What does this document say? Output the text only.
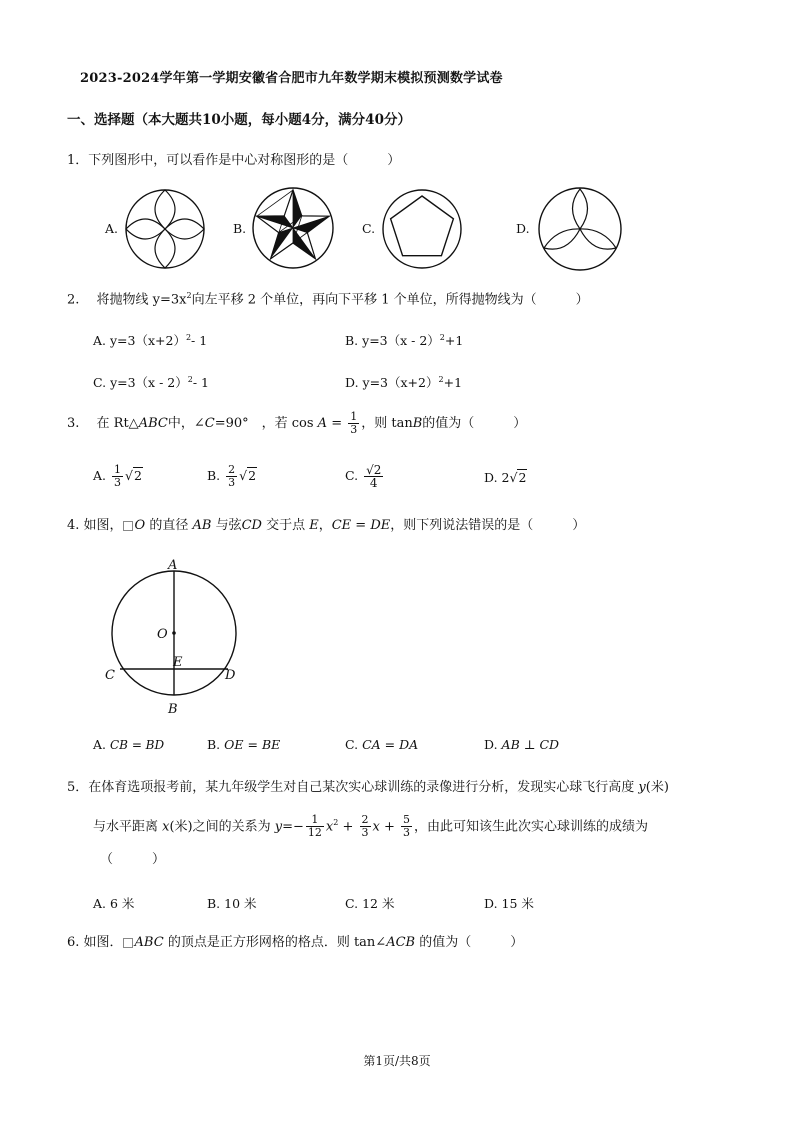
2023-2024学年第一学期安徽省合肥市九年数学期末模拟预测数学试卷
一、选择题（本大题共10小题，每小题4分，满分40分）
1．下列图形中，可以看作是中心对称图形的是（　　　）
A.	B.	C.	D.
2.　 将抛物线 $y=3x^2$向左平移 2 个单位，再向下平移 1 个单位，所得抛物线为（　　　）
A. $y=3(x+2)^2-$ 1	B. y=3（x - 2）$^2$+1
C. y=3（x - 2）$^2$- 1	D. $y=3(x+2)^2+1$
3.　 在 Rt△ABC中，∠C=90°　，若 $\cos A = \frac{1}{3}$ ，则 tanB的值为（　　　）
A. $\frac{1}{3} √2$	B. $\frac{2}{3} √2$	C. $\frac{√2}{4}$	D. 2√2
4. 如图， O 的直径 AB 与弦CD 交于点 E，CE = DE，则下列说法错误的是（　　　）
A
O
E
C	D
B
A. CB = BD	B. OE = BE	C. CA = DA	D. AB ⊥ CD
5．在体育选项报考前，某九年级学生对自己某次实心球训练的录像进行分析，发现实心球飞行高度 y(米)
与水平距离 x(米)之间的关系为 $y=- \frac{1}{12} x^2 + \frac{2}{3}$ $x + \frac{5}{3}$ ，由此可知该生此次实心球训练的成绩为
（　　　）
A. 6 米	B. 10 米	C. 12 米	D. 15 米
6. 如图． ABC 的顶点是正方形网格的格点．则 tan∠ACB 的值为（　　　）
第1页/共8页
